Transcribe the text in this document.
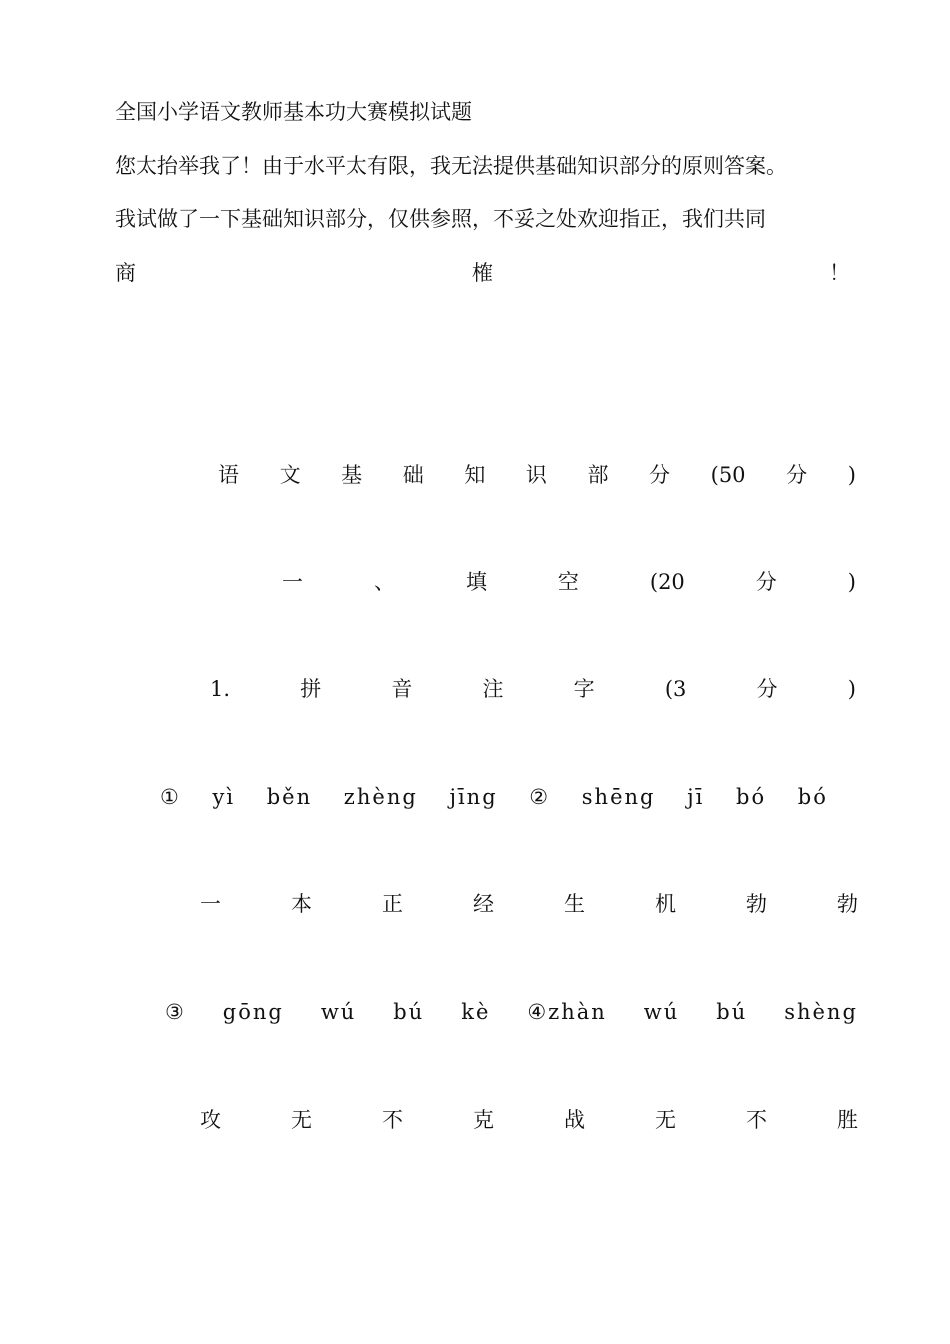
全国小学语文教师基本功大赛模拟试题
您太抬举我了！由于水平太有限，我无法提供基础知识部分的原则答案。
我试做了一下基础知识部分，仅供参照，不妥之处欢迎指正，我们共同
商	榷	！
语 文 基 础 知 识 部 分 (50 分 )
一	、	填	空	(20	分	)
1.	拼	音	注	字	(3	分	)
① yì běn zhèng jīng ② shēng jī bó bó
一	本	正	经	生	机	勃	勃
③ gōng wú bú kè ④zhàn wú bú shèng
攻	无	不	克	战	无	不	胜
